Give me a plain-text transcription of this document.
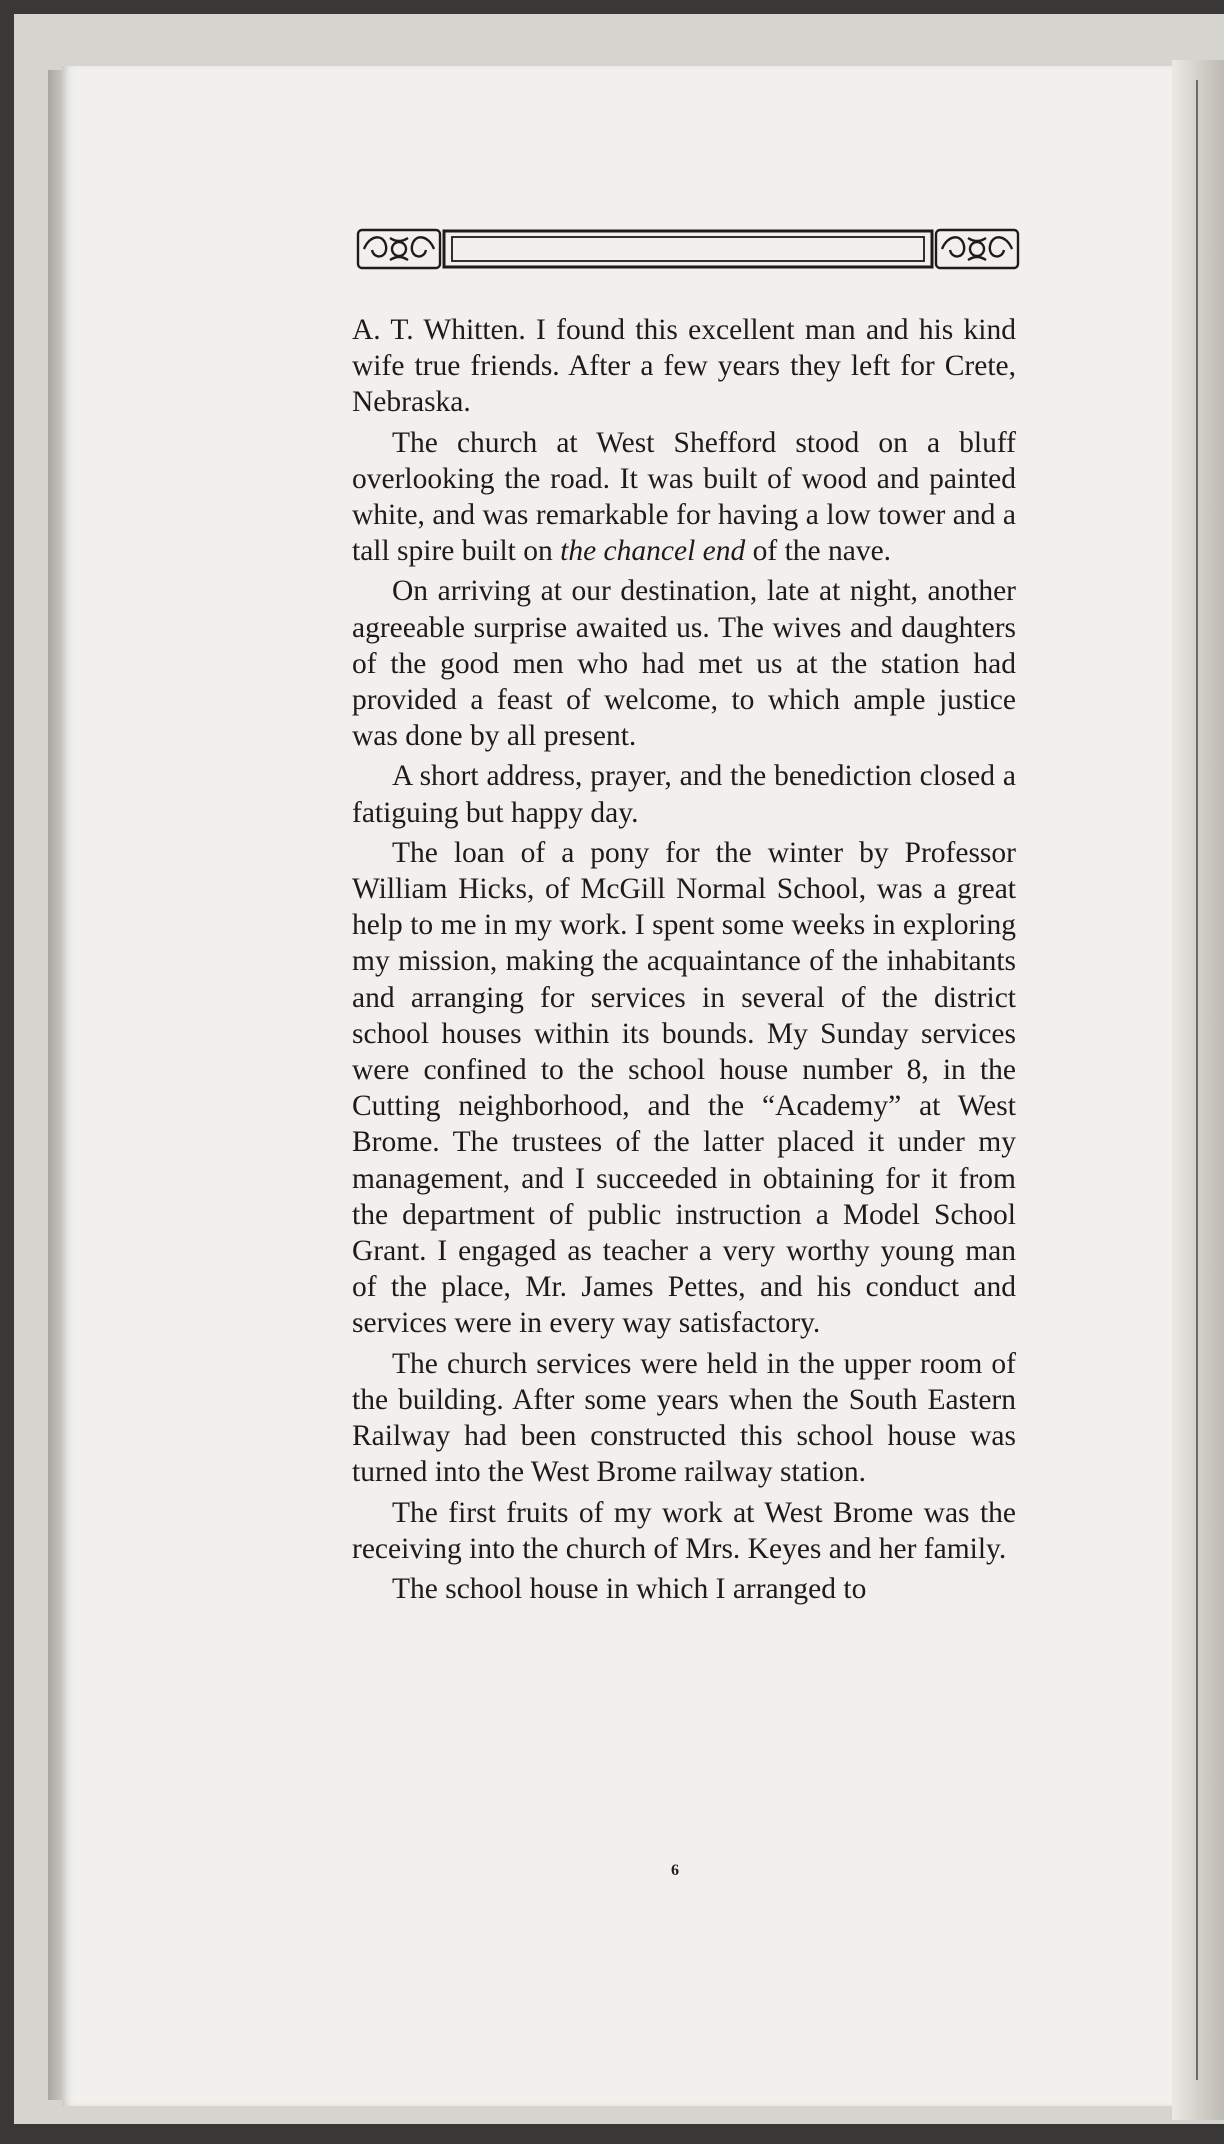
A. T. Whitten. I found this excellent man and his kind wife true friends. After a few years they left for Crete, Nebraska.

The church at West Shefford stood on a bluff overlooking the road. It was built of wood and painted white, and was remarkable for having a low tower and a tall spire built on the chancel end of the nave.

On arriving at our destination, late at night, another agreeable surprise awaited us. The wives and daughters of the good men who had met us at the station had provided a feast of welcome, to which ample justice was done by all present.

A short address, prayer, and the benediction closed a fatiguing but happy day.

The loan of a pony for the winter by Professor William Hicks, of McGill Normal School, was a great help to me in my work. I spent some weeks in exploring my mission, making the acquaintance of the inhabitants and arranging for services in several of the district school houses within its bounds. My Sunday services were confined to the school house number 8, in the Cutting neighborhood, and the “Academy” at West Brome. The trustees of the latter placed it under my management, and I succeeded in obtaining for it from the department of public instruction a Model School Grant. I engaged as teacher a very worthy young man of the place, Mr. James Pettes, and his conduct and services were in every way satisfactory.

The church services were held in the upper room of the building. After some years when the South Eastern Railway had been constructed this school house was turned into the West Brome railway station.

The first fruits of my work at West Brome was the receiving into the church of Mrs. Keyes and her family.

The school house in which I arranged to

6
